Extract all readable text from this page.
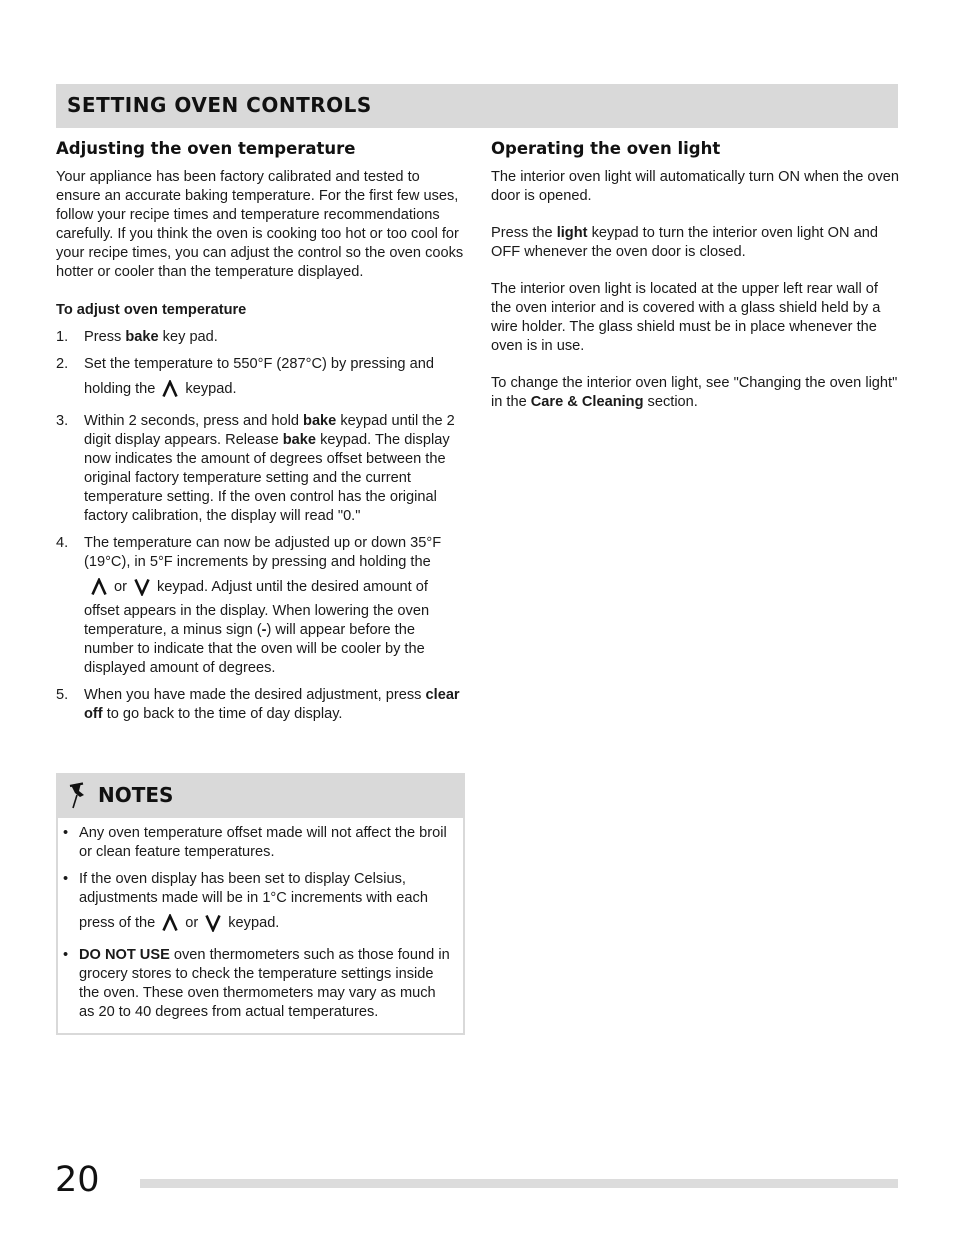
SETTING OVEN CONTROLS
Adjusting the oven temperature

Your appliance has been factory calibrated and tested to ensure an accurate baking temperature. For the first few uses, follow your recipe times and temperature recommendations carefully. If you think the oven is cooking too hot or too cool for your recipe times, you can adjust the control so the oven cooks hotter or cooler than the temperature displayed.

To adjust oven temperature
1. Press bake key pad.
2. Set the temperature to 550°F (287°C) by pressing and
holding the keypad.
3. Within 2 seconds, press and hold bake keypad until the 2 digit display appears. Release bake keypad. The display now indicates the amount of degrees offset between the original factory temperature setting and the current temperature setting. If the oven control has the original factory calibration, the display will read "0."
4. The temperature can now be adjusted up or down 35°F (19°C), in 5°F increments by pressing and holding the
or keypad. Adjust until the desired amount of
offset appears in the display. When lowering the oven temperature, a minus sign (-) will appear before the number to indicate that the oven will be cooler by the displayed amount of degrees.
5. When you have made the desired adjustment, press clear off to go back to the time of day display.
NOTES
• Any oven temperature offset made will not affect the broil or clean feature temperatures.
• If the oven display has been set to display Celsius, adjustments made will be in 1°C increments with each
press of the or keypad.
• DO NOT USE oven thermometers such as those found in grocery stores to check the temperature settings inside the oven. These oven thermometers may vary as much as 20 to 40 degrees from actual temperatures.
Operating the oven light

The interior oven light will automatically turn ON when the oven door is opened.

Press the light keypad to turn the interior oven light ON and OFF whenever the oven door is closed.

The interior oven light is located at the upper left rear wall of the oven interior and is covered with a glass shield held by a wire holder. The glass shield must be in place whenever the oven is in use.

To change the interior oven light, see "Changing the oven light" in the Care & Cleaning section.

20
